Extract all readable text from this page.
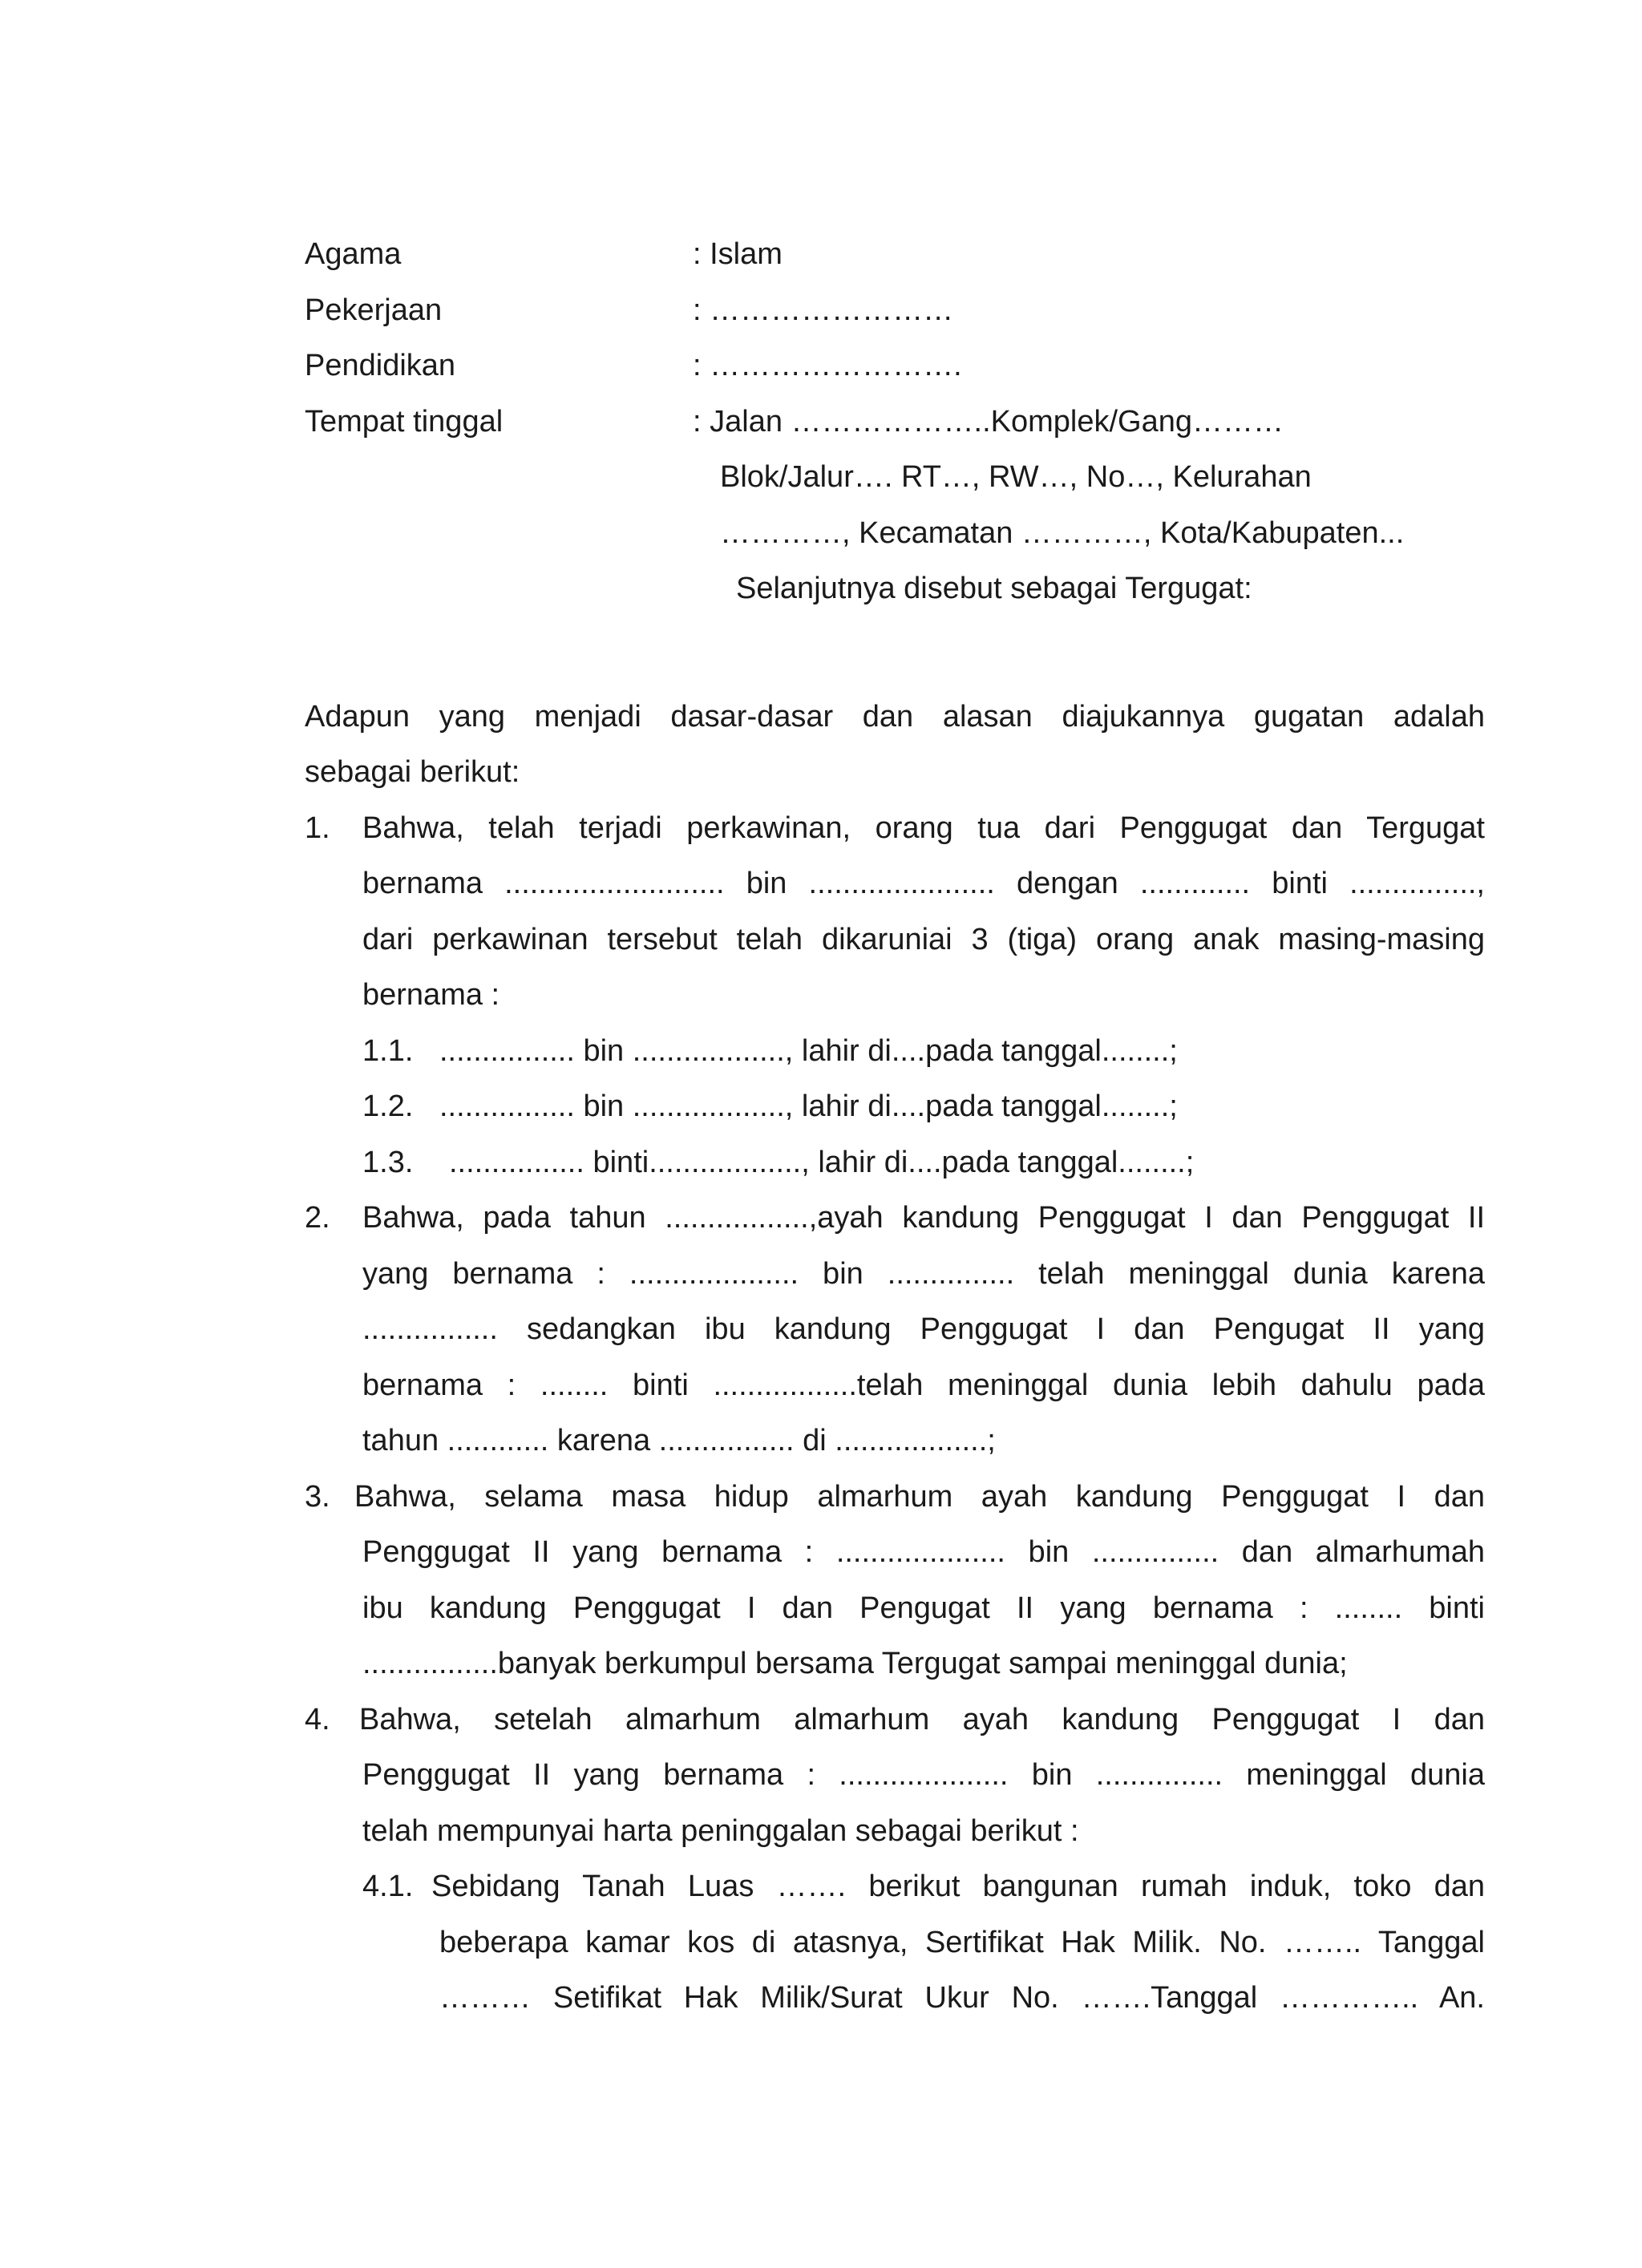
Agama	: Islam
Pekerjaan	: ……………………
Pendidikan	: …………………….
Tempat tinggal	: Jalan ………………..Komplek/Gang………
Blok/Jalur…. RT…, RW…, No…, Kelurahan
…………, Kecamatan …………, Kota/Kabupaten...
Selanjutnya disebut sebagai Tergugat:
Adapun yang menjadi dasar-dasar dan alasan diajukannya gugatan adalah
sebagai berikut:
1. Bahwa, telah terjadi perkawinan, orang tua dari Penggugat dan Tergugat
bernama .......................... bin ...................... dengan ............. binti ...............,
dari perkawinan tersebut telah dikaruniai 3 (tiga) orang anak masing-masing
bernama :
1.1. ................ bin .................., lahir di....pada tanggal........;
1.2. ................ bin .................., lahir di....pada tanggal........;
1.3.	................ binti.................., lahir di....pada tanggal........;
2. Bahwa, pada tahun .................,ayah kandung Penggugat I dan Penggugat II
yang bernama : .................... bin ............... telah meninggal dunia karena
................ sedangkan ibu kandung Penggugat I dan Pengugat II yang
bernama : ........ binti .................telah meninggal dunia lebih dahulu pada
tahun ............ karena ................ di ..................;
3. Bahwa, selama masa hidup almarhum ayah kandung Penggugat I dan
Penggugat II yang bernama : .................... bin ............... dan almarhumah
ibu kandung Penggugat I dan Pengugat II yang bernama : ........ binti
................banyak berkumpul bersama Tergugat sampai meninggal dunia;
4. Bahwa, setelah almarhum almarhum ayah kandung Penggugat I dan
Penggugat II yang bernama : .................... bin ............... meninggal dunia
telah mempunyai harta peninggalan sebagai berikut :
4.1. Sebidang Tanah Luas ……. berikut bangunan rumah induk, toko dan
beberapa kamar kos di atasnya, Sertifikat Hak Milik. No. …….. Tanggal
……… Setifikat Hak Milik/Surat Ukur No. …….Tanggal ………….. An.
